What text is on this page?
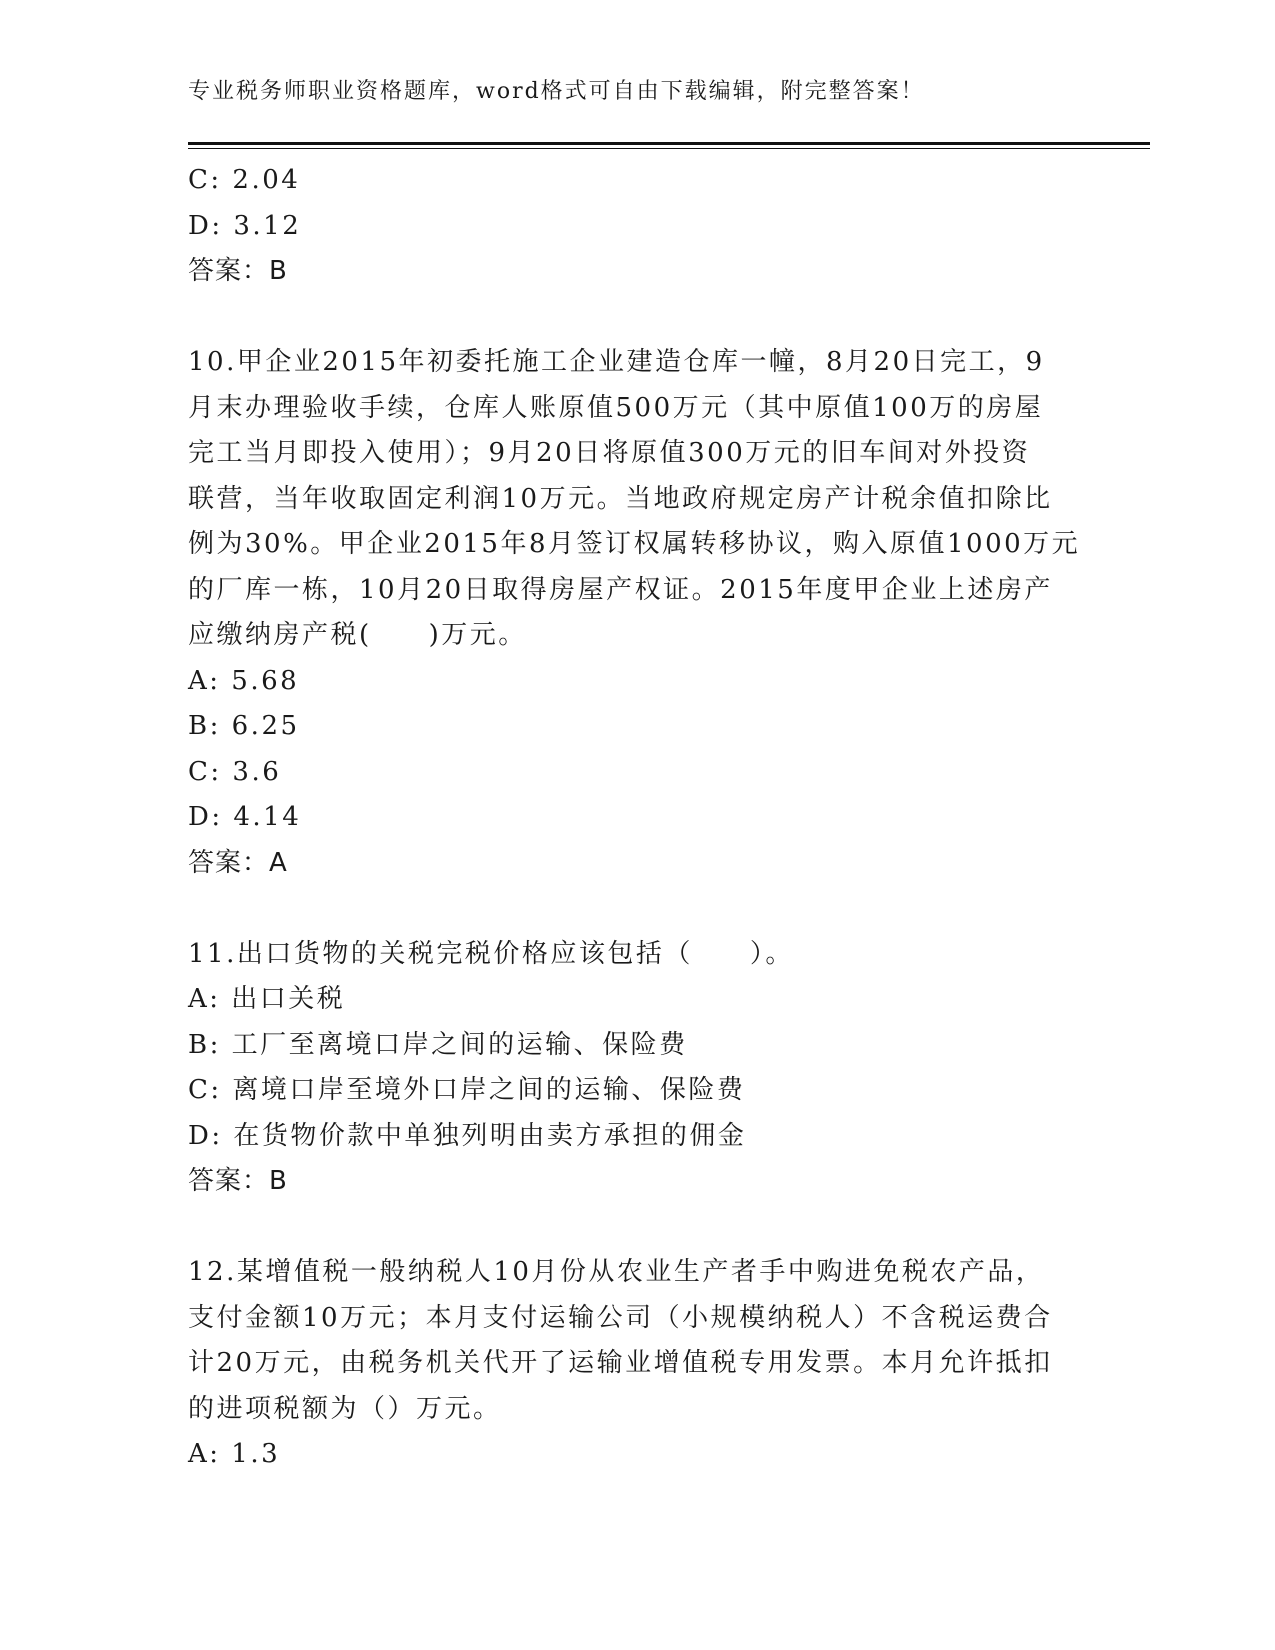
专业税务师职业资格题库，word格式可自由下载编辑，附完整答案！
C: 2.04
D: 3.12
答案：B
10.甲企业2015年初委托施工企业建造仓库一幢，8月20日完工，9
月末办理验收手续，仓库人账原值500万元（其中原值100万的房屋
完工当月即投入使用）；9月20日将原值300万元的旧车间对外投资
联营，当年收取固定利润10万元。当地政府规定房产计税余值扣除比
例为30%。甲企业2015年8月签订权属转移协议，购入原值1000万元
的厂库一栋，10月20日取得房屋产权证。2015年度甲企业上述房产
应缴纳房产税(　　)万元。
A: 5.68
B: 6.25
C: 3.6
D: 4.14
答案：A
11.出口货物的关税完税价格应该包括（　　）。
A: 出口关税
B: 工厂至离境口岸之间的运输、保险费
C: 离境口岸至境外口岸之间的运输、保险费
D: 在货物价款中单独列明由卖方承担的佣金
答案：B
12.某增值税一般纳税人10月份从农业生产者手中购进免税农产品，
支付金额10万元；本月支付运输公司（小规模纳税人）不含税运费合
计20万元，由税务机关代开了运输业增值税专用发票。本月允许抵扣
的进项税额为（）万元。
A: 1.3
